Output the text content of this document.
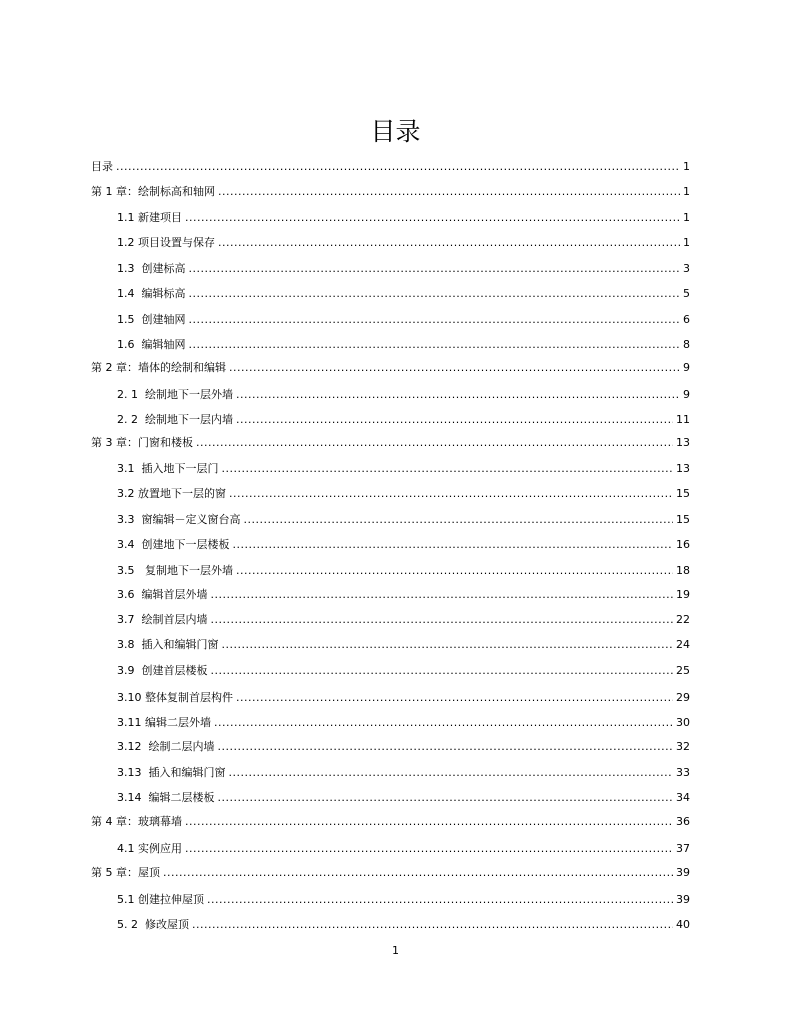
目录
目录 .....	1
第 1 章：绘制标高和轴网 .....	1
1.1 新建项目 .....	1
1.2 项目设置与保存 .....	1
1.3  创建标高 .....	3
1.4  编辑标高 .....	5
1.5  创建轴网 .....	6
1.6  编辑轴网 .....	8
第 2 章：墙体的绘制和编辑 .....	9
2. 1  绘制地下一层外墙 .....	9
2. 2  绘制地下一层内墙 .....	11
第 3 章：门窗和楼板 .....	13
3.1  插入地下一层门 .....	13
3.2 放置地下一层的窗 .....	15
3.3  窗编辑－定义窗台高 .....	15
3.4  创建地下一层楼板 .....	16
3.5   复制地下一层外墙 .....	18
3.6  编辑首层外墙 .....	19
3.7  绘制首层内墙 .....	22
3.8  插入和编辑门窗 .....	24
3.9  创建首层楼板 .....	25
3.10 整体复制首层构件 .....	29
3.11 编辑二层外墙 .....	30
3.12  绘制二层内墙 .....	32
3.13  插入和编辑门窗 .....	33
3.14  编辑二层楼板 .....	34
第 4 章：玻璃幕墙 .....	36
4.1 实例应用 .....	37
第 5 章：屋顶 .....	39
5.1 创建拉伸屋顶 .....	39
5. 2  修改屋顶 .....	40
1
